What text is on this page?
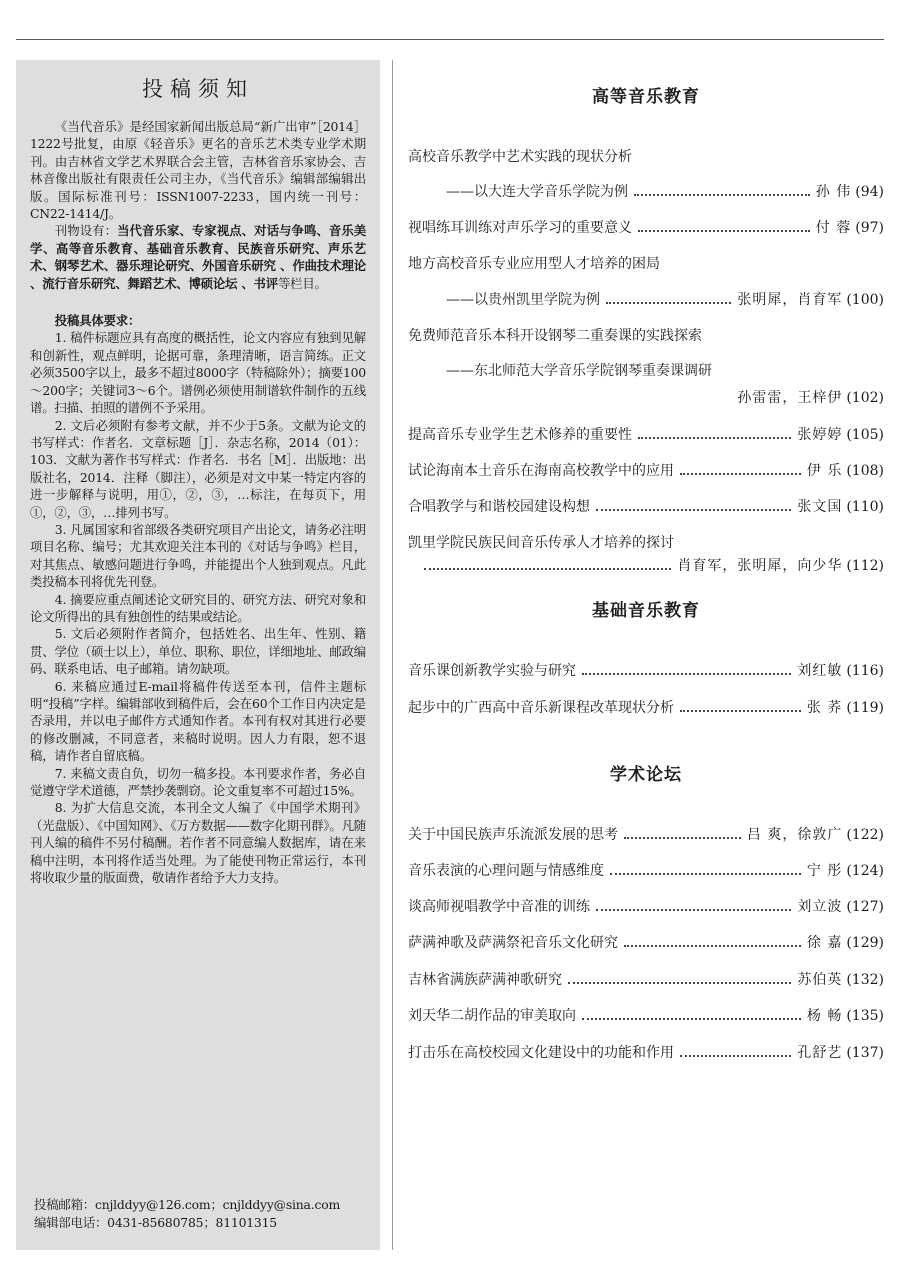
投稿须知

《当代音乐》是经国家新闻出版总局“新广出审”［2014］1222号批复，由原《轻音乐》更名的音乐艺术类专业学术期刊。由吉林省文学艺术界联合会主管，吉林省音乐家协会、吉林音像出版社有限责任公司主办，《当代音乐》编辑部编辑出版。国际标准刊号：ISSN1007-2233，国内统一刊号：CN22-1414/J。

刊物设有：当代音乐家、专家视点、对话与争鸣、音乐美学、高等音乐教育、基础音乐教育、民族音乐研究、声乐艺术、钢琴艺术、器乐理论研究、外国音乐研究 、作曲技术理论 、流行音乐研究、舞蹈艺术、博硕论坛 、书评等栏目。

投稿具体要求：

1. 稿件标题应具有高度的概括性，论文内容应有独到见解和创新性，观点鲜明，论据可靠，条理清晰，语言简练。正文必须3500字以上，最多不超过8000字（特稿除外）；摘要100～200字；关键词3～6个。谱例必须使用制谱软件制作的五线谱。扫描、拍照的谱例不予采用。

2. 文后必须附有参考文献，并不少于5条。文献为论文的书写样式：作者名．文章标题［J］．杂志名称，2014（01）：103．文献为著作书写样式：作者名．书名［M］．出版地：出版社名，2014．注释（脚注），必须是对文中某一特定内容的进一步解释与说明，用①，②，③，…标注，在每页下，用①，②，③，…排列书写。

3. 凡属国家和省部级各类研究项目产出论文，请务必注明项目名称、编号；尤其欢迎关注本刊的《对话与争鸣》栏目，对其焦点、敏感问题进行争鸣，并能提出个人独到观点。凡此类投稿本刊将优先刊登。

4. 摘要应重点阐述论文研究目的、研究方法、研究对象和论文所得出的具有独创性的结果或结论。

5. 文后必须附作者简介，包括姓名、出生年、性别、籍贯、学位（硕士以上），单位、职称、职位，详细地址、邮政编码、联系电话、电子邮箱。请勿缺项。

6. 来稿应通过E-mail将稿件传送至本刊，信件主题标明“投稿”字样。编辑部收到稿件后，会在60个工作日内决定是否录用，并以电子邮件方式通知作者。本刊有权对其进行必要的修改删减，不同意者，来稿时说明。因人力有限，恕不退稿，请作者自留底稿。

7. 来稿文责自负，切勿一稿多投。本刊要求作者，务必自觉遵守学术道德，严禁抄袭剽窃。论文重复率不可超过15%。

8. 为扩大信息交流，本刊全文人编了《中国学术期刊》（光盘版）、《中国知网》、《万方数据——数字化期刊群》。凡随刊人编的稿件不另付稿酬。若作者不同意编人数据库，请在来稿中注明，本刊将作适当处理。为了能使刊物正常运行，本刊将收取少量的版面费，敬请作者给予大力支持。

投稿邮箱：cnjlddyy@126.com；cnjlddyy@sina.com
编辑部电话：0431-85680785；81101315
高等音乐教育
高校音乐教学中艺术实践的现状分析
——以大连大学音乐学院为例	孙 伟 (94)
视唱练耳训练对声乐学习的重要意义	付 蓉 (97)
地方高校音乐专业应用型人才培养的困局
——以贵州凯里学院为例	张明犀，肖育军 (100)
免费师范音乐本科开设钢琴二重奏课的实践探索
——东北师范大学音乐学院钢琴重奏课调研
孙雷雷，王梓伊 (102)
提高音乐专业学生艺术修养的重要性	张婷婷 (105)
试论海南本土音乐在海南高校教学中的应用	伊 乐 (108)
合唱教学与和谐校园建设构想	张文国 (110)
凯里学院民族民间音乐传承人才培养的探讨
肖育军，张明犀，向少华 (112)
基础音乐教育
音乐课创新教学实验与研究	刘红敏 (116)
起步中的广西高中音乐新课程改革现状分析	张 荞 (119)
学术论坛
关于中国民族声乐流派发展的思考	吕 爽，徐敦广 (122)
音乐表演的心理问题与情感维度	宁 彤 (124)
谈高师视唱教学中音准的训练	刘立波 (127)
萨满神歌及萨满祭祀音乐文化研究	徐 嘉 (129)
吉林省满族萨满神歌研究	苏伯英 (132)
刘天华二胡作品的审美取向	杨 畅 (135)
打击乐在高校校园文化建设中的功能和作用	孔舒艺 (137)
